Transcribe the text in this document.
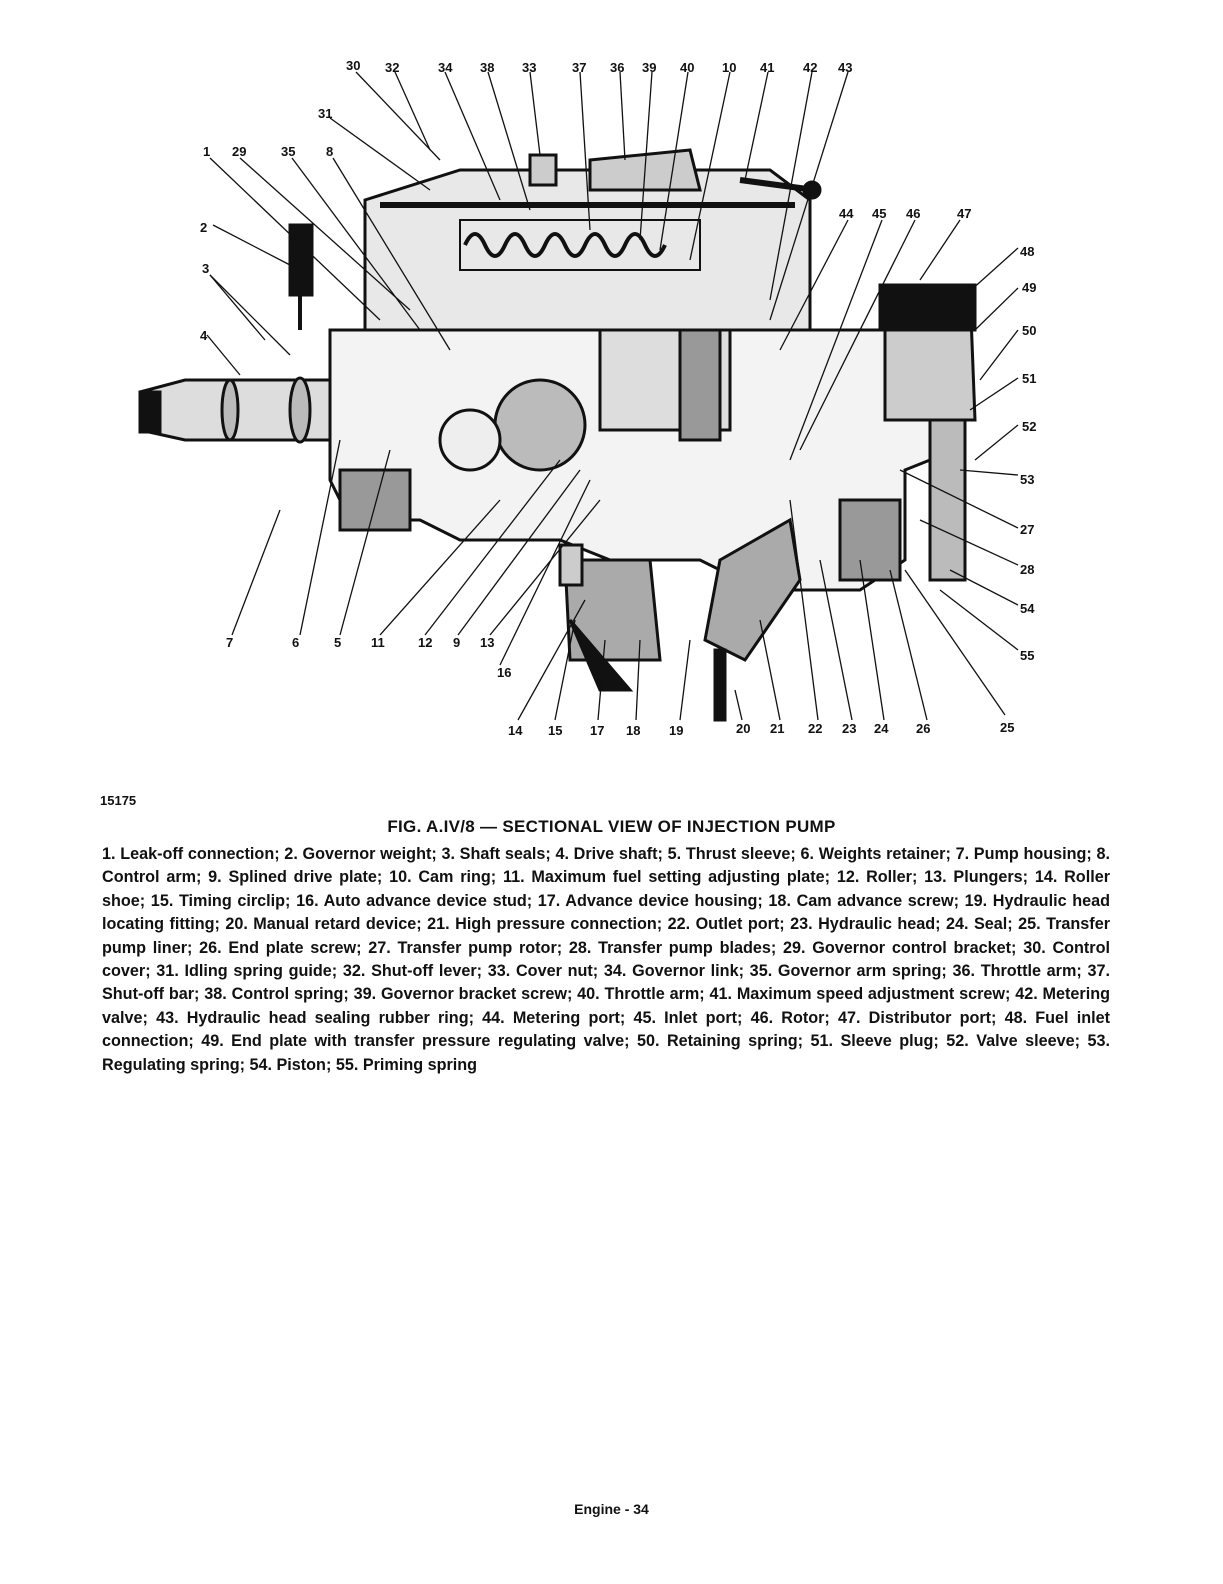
30 32	34 38 33	37 36 39 40 10 41 42 43
31
1 29	35 8
2
3
4
44 45 46	47
48
49
50
51
52
53
27
28
54
55
7	6	5 11	12 9 13
16
14 15 17 18 19	20 21 22 23 24 26	25
15175
FIG. A.IV/8 — SECTIONAL VIEW OF INJECTION PUMP

1. Leak-off connection; 2. Governor weight; 3. Shaft seals; 4. Drive shaft; 5. Thrust sleeve; 6. Weights retainer; 7. Pump housing; 8. Control arm; 9. Splined drive plate; 10. Cam ring; 11. Maximum fuel setting adjusting plate; 12. Roller; 13. Plungers; 14. Roller shoe; 15. Timing circlip; 16. Auto advance device stud; 17. Advance device housing; 18. Cam advance screw; 19. Hydraulic head locating fitting; 20. Manual retard device; 21. High pressure connection; 22. Outlet port; 23. Hydraulic head; 24. Seal; 25. Transfer pump liner; 26. End plate screw; 27. Transfer pump rotor; 28. Transfer pump blades; 29. Governor control bracket; 30. Control cover; 31. Idling spring guide; 32. Shut-off lever; 33. Cover nut; 34. Governor link; 35. Governor arm spring; 36. Throttle arm; 37. Shut-off bar; 38. Control spring; 39. Governor bracket screw; 40. Throttle arm; 41. Maximum speed adjustment screw; 42. Metering valve; 43. Hydraulic head sealing rubber ring; 44. Metering port; 45. Inlet port; 46. Rotor; 47. Distributor port; 48. Fuel inlet connection; 49. End plate with transfer pressure regulating valve; 50. Retaining spring; 51. Sleeve plug; 52. Valve sleeve; 53. Regulating spring; 54. Piston; 55. Priming spring

Engine - 34
